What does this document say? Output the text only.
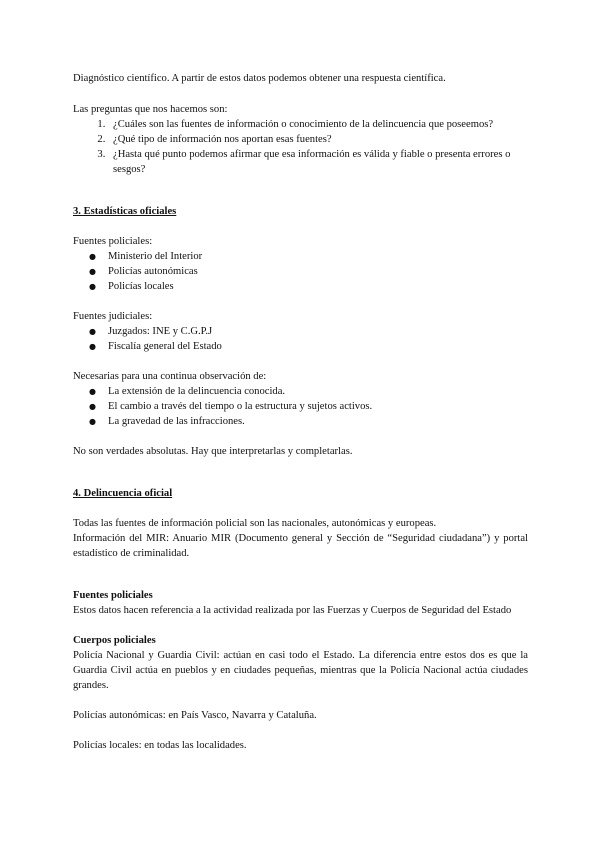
Diagnóstico científico. A partir de estos datos podemos obtener una respuesta científica.

Las preguntas que nos hacemos son:

1. ¿Cuáles son las fuentes de información o conocimiento de la delincuencia que poseemos?
2. ¿Qué tipo de información nos aportan esas fuentes?
3. ¿Hasta qué punto podemos afirmar que esa información es válida y fiable o presenta errores o sesgos?
3. Estadísticas oficiales

Fuentes policiales:

● Ministerio del Interior
● Policías autonómicas
● Policías locales

Fuentes judiciales:

● Juzgados: INE y C.G.P.J
● Fiscalía general del Estado

Necesarias para una continua observación de:

● La extensión de la delincuencia conocida.
● El cambio a través del tiempo o la estructura y sujetos activos.
● La gravedad de las infracciones.

No son verdades absolutas. Hay que interpretarlas y completarlas.

4. Delincuencia oficial

Todas las fuentes de información policial son las nacionales, autonómicas y europeas.

Información del MIR: Anuario MIR (Documento general y Sección de “Seguridad ciudadana”) y portal estadístico de criminalidad.

Fuentes policiales

Estos datos hacen referencia a la actividad realizada por las Fuerzas y Cuerpos de Seguridad del Estado

Cuerpos policiales

Policía Nacional y Guardia Civil: actúan en casi todo el Estado. La diferencia entre estos dos es que la Guardia Civil actúa en pueblos y en ciudades pequeñas, mientras que la Policía Nacional actúa ciudades grandes.

Policías autonómicas: en País Vasco, Navarra y Cataluña.

Policías locales: en todas las localidades.
